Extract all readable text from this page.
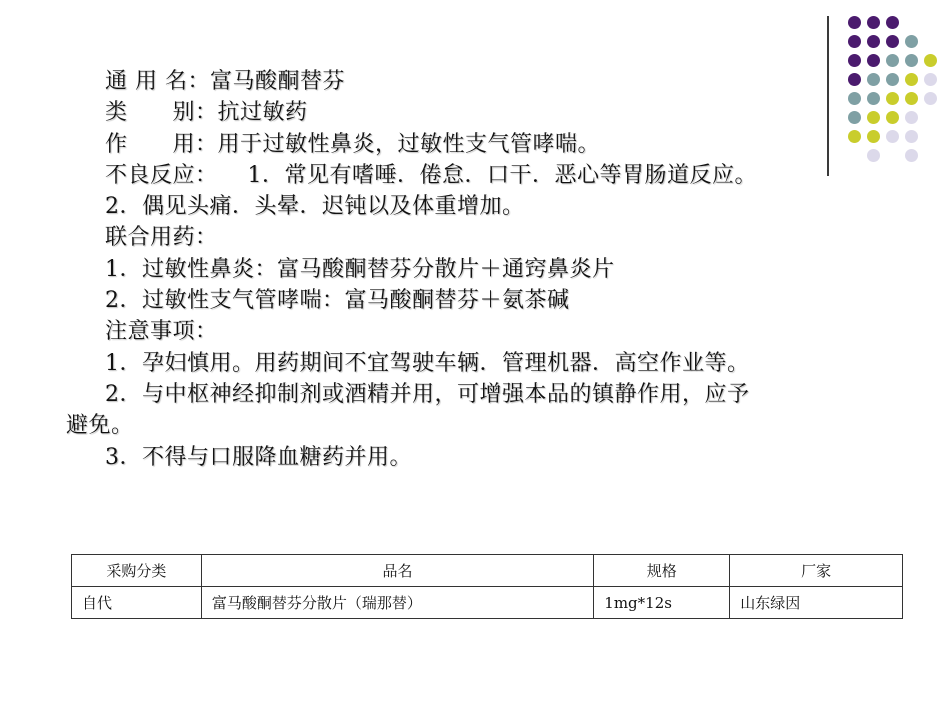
通 用 名：富马酸酮替芬
类　　别：抗过敏药
作　　用：用于过敏性鼻炎，过敏性支气管哮喘。
不良反应： 1．常见有嗜唾．倦怠．口干．恶心等胃肠道反应。
2．偶见头痛．头晕．迟钝以及体重增加。
联合用药：
1．过敏性鼻炎：富马酸酮替芬分散片＋通窍鼻炎片
2．过敏性支气管哮喘：富马酸酮替芬＋氨茶碱
注意事项：
1．孕妇慎用。用药期间不宜驾驶车辆．管理机器．高空作业等。
2．与中枢神经抑制剂或酒精并用，可增强本品的镇静作用，应予
避免。
3．不得与口服降血糖药并用。
采购分类	品名	规格	厂家
自代	富马酸酮替芬分散片（瑞那替）	1mg*12s	山东绿因
